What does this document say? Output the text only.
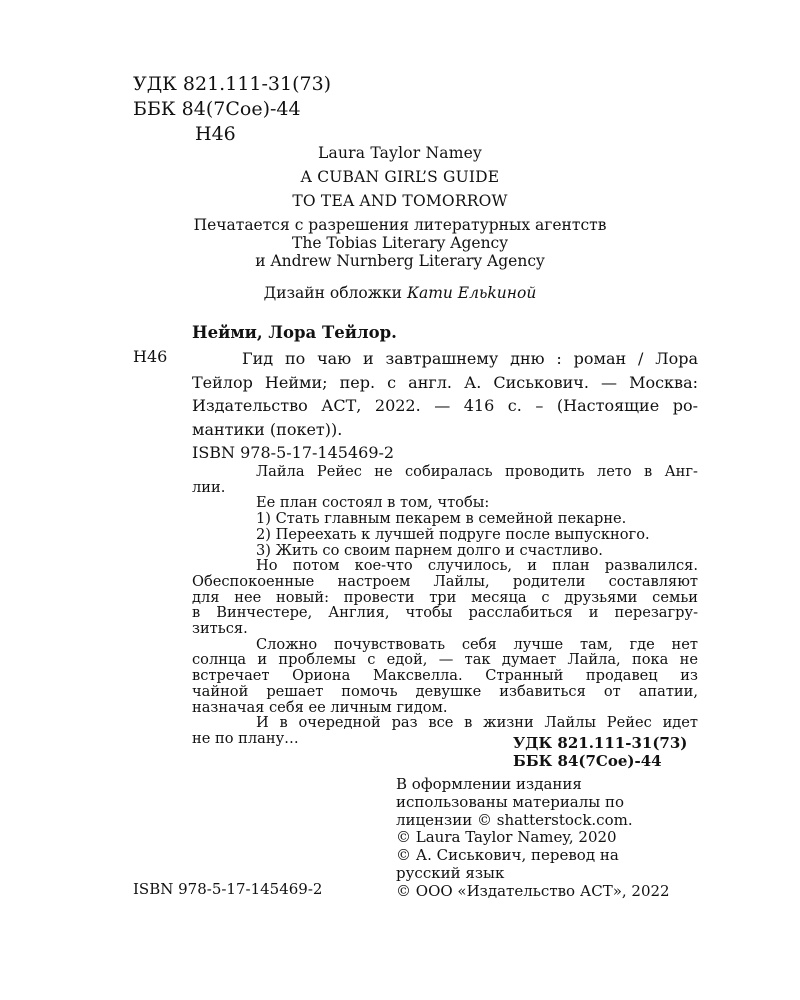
УДК 821.111-31(73)
ББК 84(7Сое)-44
Н46
Laura Taylor Namey
A CUBAN GIRL’S GUIDE
TO TEA AND TOMORROW
Печатается с разрешения литературных агентств
The Tobias Literary Agency
и Andrew Nurnberg Literary Agency
Дизайн обложки Кати Ельkиной
Нейми, Лора Тейлор.
Н46	Гид по чаю и завтрашнему дню : роман / Лора
Тейлор Нейми; пер. с англ. А. Сиськович. — Москва:
Издательство АСТ, 2022. — 416 с. – (Настоящие ро-
мантики (покет)).
ISBN 978-5-17-145469-2
Лайла Рейес не собиралась проводить лето в Анг-
лии.
Ее план состоял в том, чтобы:
1) Стать главным пекарем в семейной пекарне.
2) Переехать к лучшей подруге после выпускного.
3) Жить со своим парнем долго и счастливо.
Но потом кое-что случилось, и план развалился.
Обеспокоенные настроем Лайлы, родители составляют
для нее новый: провести три месяца с друзьями семьи
в Винчестере, Англия, чтобы расслабиться и перезагру-
зиться.
Сложно почувствовать себя лучше там, где нет
солнца и проблемы с едой, — так думает Лайла, пока не
встречает Ориона Максвелла. Странный продавец из
чайной решает помочь девушке избавиться от апатии,
назначая себя ее личным гидом.
И в очередной раз все в жизни Лайлы Рейес идет
не по плану…	УДК 821.111-31(73)
ББК 84(7Сое)-44
В оформлении издания
использованы материалы по
лицензии © shatterstock.com.
© Laura Taylor Namey, 2020
© А. Сиськович, перевод на
русский язык
© ООО «Издательство АСТ», 2022
ISBN 978-5-17-145469-2
